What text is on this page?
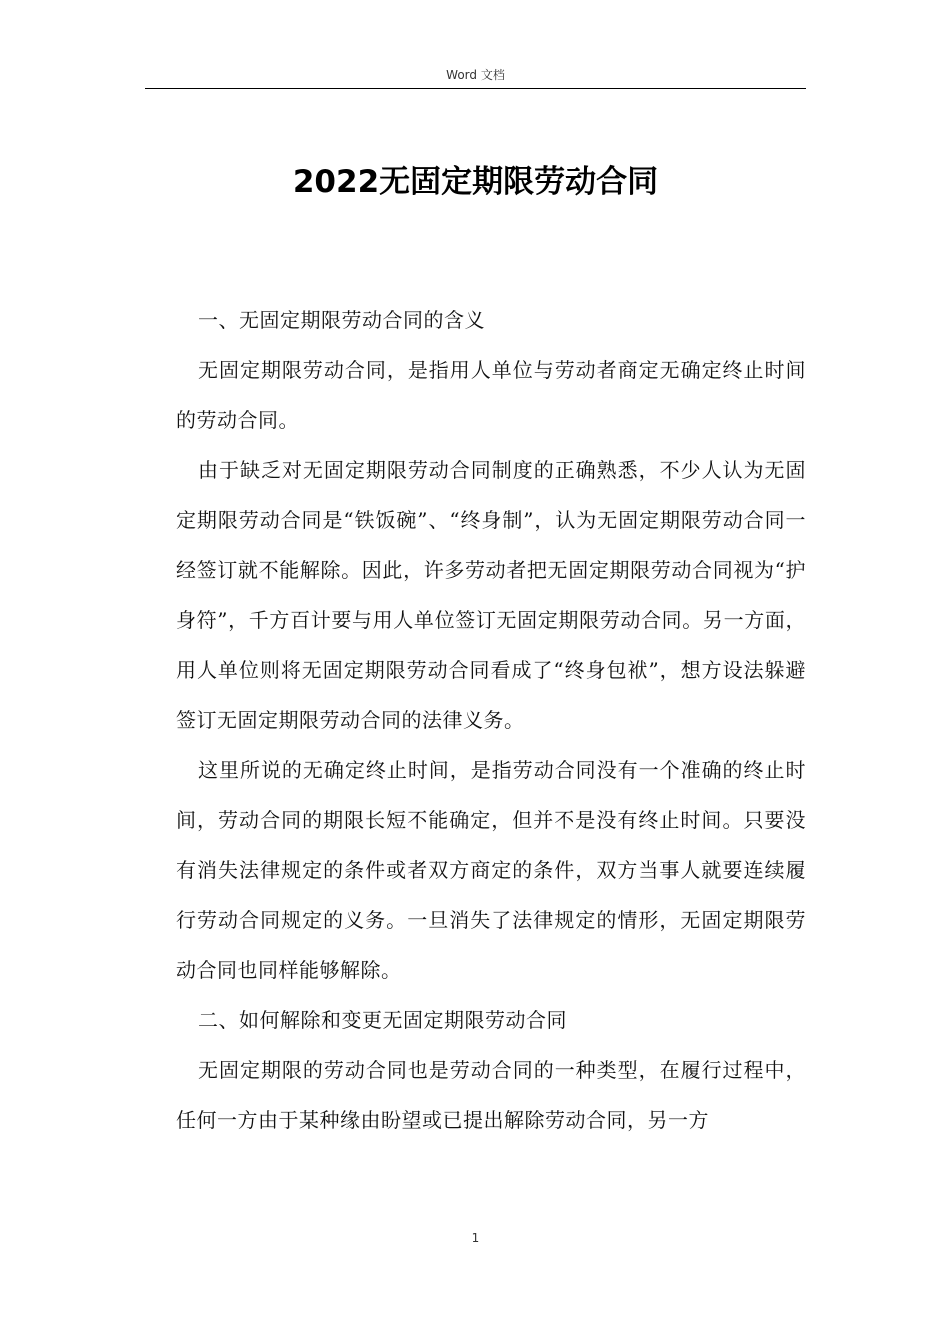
Word 文档
2022无固定期限劳动合同

一、无固定期限劳动合同的含义

无固定期限劳动合同，是指用人单位与劳动者商定无确定终止时间的劳动合同。

由于缺乏对无固定期限劳动合同制度的正确熟悉，不少人认为无固定期限劳动合同是“铁饭碗”、“终身制”，认为无固定期限劳动合同一经签订就不能解除。因此，许多劳动者把无固定期限劳动合同视为“护身符”，千方百计要与用人单位签订无固定期限劳动合同。另一方面，用人单位则将无固定期限劳动合同看成了“终身包袱”，想方设法躲避签订无固定期限劳动合同的法律义务。

这里所说的无确定终止时间，是指劳动合同没有一个准确的终止时间，劳动合同的期限长短不能确定，但并不是没有终止时间。只要没有消失法律规定的条件或者双方商定的条件，双方当事人就要连续履行劳动合同规定的义务。一旦消失了法律规定的情形，无固定期限劳动合同也同样能够解除。

二、如何解除和变更无固定期限劳动合同

无固定期限的劳动合同也是劳动合同的一种类型，在履行过程中，任何一方由于某种缘由盼望或已提出解除劳动合同，另一方

1
